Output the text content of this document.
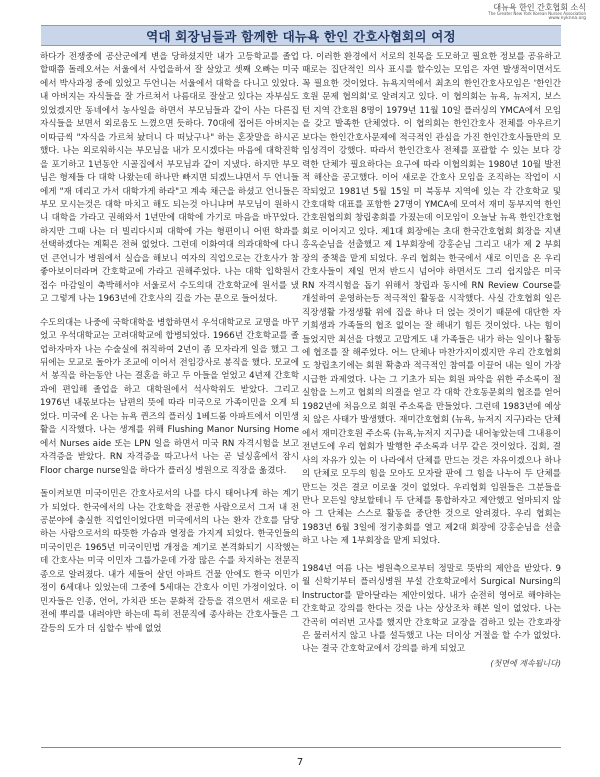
대뉴욕 한인 간호협회 소식
The Greater New York Korean Nurses Association
www.nyknna.org
역대 회장님들과 함께한 대뉴욕 한인 간호사협회의 여정

하다가 전쟁중에 공산군에게 변을 당하셨지만 내가 고등학교를 졸업할때쯤 돌레오셔는 서울에서 사업을하셔 잘 살았고 셋째 오빠는 미국에서 박사과정 중에 있었고 두언니는 서울에서 대학을 다니고 있었다. 내 아버지는 자식들을 잘 가르쳐서 나름대로 잘살고 있다는 자부심도 있었겠지만 동네에서 농사일을 하면서 부모님들과 같이 사는 다른집 자식들을 보면서 외로움도 느꼈으면 듯하다. 70대에 접어든 아버지는 이따금씩 "자식을 가르쳐 놨더니 다 떠났구나" 하는 혼잣말을 하시곤 했다. 나는 외로워하시는 부모님을 내가 모시겠다는 마음에 대학진학을 포기하고 1년동안 시골집에서 부모님과 같이 지냈다. 하지만 부모님은 형제들 다 대학 나왔는데 하나만 빠지면 되겠느냐면서 두 언니들에게 "재 데리고 가서 대학가게 하라"고 계속 채근을 하셨고 언니들은 부모 모시는것은 대학 마치고 해도 되는것 아니냐며 부모님이 원하시니 대학을 가라고 권해와서 1년만에 대학에 가기로 마음을 바꾸었다. 하지만 그때 나는 더 빌리다시피 대학에 가는 형편이니 어떤 학과를 선택하겠다는 계획은 전혀 없었다. 그런데 이화여대 의과대학에 다니던 큰언니가 병원에서 실습을 해보니 여자의 직업으로는 간호사가 참 좋아보이더라며 간호학교에 가라고 권해주었다. 나는 대학 입학원서 접수 마감일이 축박해서야 서울로서 수도의대 간호학교에 원서를 냈고 그렇게 나는 1963년에 간호사의 길을 가는 문으로 들어섰다.

수도의대는 나중에 국학대학을 병합하면서 우석대학교로 교명을 바꾸었고 우석대학교는 고려대학교에 합병되었다. 1966년 간호학교를 졸업하자마자 나는 수술실에 취직하여 2년이 좀 모자라게 일을 했고 그뒤에는 모교로 돌아가 조교에 이어서 전임강사로 봉직을 했다. 모교에서 봉직을 하는동안 나는 결혼을 하고 두 아들을 얻었고 4년제 간호학과에 편입해 졸업을 하고 대학원에서 석사학위도 받았다. 그리고 1976년 내몫보다는 남편의 뜻에 따라 미국으로 가족이민을 오게 되었다. 미국에 온 나는 뉴욕 퀸즈의 플러싱 1베드룸 아파트에서 이민생활을 시작했다. 나는 생계를 위해 Flushing Manor Nursing Home에서 Nurses aide 또는 LPN 일을 하면서 미국 RN 자격시험을 보고 자격증을 받았다. RN 자격증을 따고나서 나는 곧 널싱홈에서 잠시 Floor charge nurse일을 하다가 플러싱 병원으로 직장을 옮겼다.

돌이켜보면 미국이민은 간호사로서의 나를 다시 태어나게 하는 계기가 되었다. 한국에서의 나는 간호학을 전공한 사람으로서 그저 내 전공분야에 충실한 직업인이었다면 미국에서의 나는 환자 간호를 담당하는 사람으로서의 따뜻한 가슴과 열정을 가지게 되었다. 한국인들의 미국이민은 1965년 미국이민법 개정을 계기로 본격화되기 시작했는데 간호사는 미국 이민자 그룹가운데 가장 많은 수를 차지하는 전문직종으로 알려졌다. 내가 세들어 살던 아파트 건물 안에도 한국 이민가정이 6세대나 있었는데 그중에 5세대는 간호사 이민 가정이었다. 이민자들은 인종, 언어, 가치관 또는 문화적 갈등을 겪으면서 새로운 터전에 뿌리를 내려야만 하는데 특히 전문직에 종사하는 간호사들은 그 갈등의 도가 더 심할수 밖에 없었

다. 이러한 환경에서 서로의 친목을 도모하고 필요한 정보를 공유하고 때로는 집단적인 의사 표시를 할수있는 모임은 자연 발생적이면서도 꼭 필요한 것이었다. 뉴욕지역에서 최초의 한인간호사모임은 '한인간호원 문제 협의회'로 알려지고 있다. 이 협의회는 뉴욕, 뉴저지, 보스턴 지역 간호원 8명이 1979년 11월 10일 플러싱의 YMCA에서 모임을 갖고 발족한 단체였다. 이 협의회는 한인간호사 전체를 아우르기 보다는 한인간호사문제에 적극적인 관심을 가진 한인간호사들만의 모임성격이 강했다. 따라서 한인간호사 전체를 포괄할 수 있는 보다 강력한 단체가 필요하다는 요구에 따라 이협의회는 1980년 10월 발전적 해산을 공고했다. 이어 새로운 간호사 모임을 조직하는 작업이 시작되었고 1981년 5월 15일 미 북동부 지역에 있는 각 간호학교 및 간호대학 대표를 포함한 27명이 YMCA에 모여서 재미 동부지역 한인간호원협의회 창립총회를 가졌는데 이모임이 오늘날 뉴욕 한인간호협회로 이어지고 있다. 제1대 회장에는 초대 한국간호협회 회장을 지낸 홍옥순님을 선출했고 제 1부회장에 강홍순님 그리고 내가 제 2 부회장의 중책을 맡게 되었다. 우리 협회는 한국에서 새로 이민을 온 우리 간호사들이 제일 먼저 반드시 넘어야 하면서도 그리 쉽지않은 미국 RN 자격시험을 돕기 위해서 창립과 동시에 RN Review Course를 개설하여 운영하는등 적극적인 활동을 시작했다. 사실 간호협회 일은 직장생활 가정생활 위에 집을 하나 더 얹는 것이기 때문에 대단한 자기희생과 가족들의 협조 없이는 잘 해내기 힘든 것이었다. 나는 힘이 들었지만 최선을 다했고 고맙게도 내 가족들은 내가 하는 일이나 활동에 협조를 잘 해주었다. 어느 단체나 마찬가지이겠지만 우리 간호협회도 창립초기에는 회원 확충과 적극적인 참여를 이끌어 내는 일이 가장 시급한 과제였다. 나는 그 기초가 되는 회원 파악을 위한 주소록이 절실함을 느끼고 협회의 의결을 얻고 각 대학 간호동문회의 협조를 얻어 1982년에 처음으로 회원 주소록을 만들었다. 그런데 1983년에 예상치 않은 사태가 발생했다. 재미간호협회 (뉴욕, 뉴저지 지구)라는 단체에서 재미간호원 주소록 (뉴욕,뉴저지 지구)을 내어놓았는데 그내용이 전년도에 우리 협회가 발행한 주소록과 너무 같은 것이었다. 집회, 결사의 자유가 있는 이 나라에서 단체를 만드는 것은 자유이겠으나 하나의 단체로 모두의 힘을 모아도 모자랄 판에 그 힘을 나누어 두 단체를 만드는 것은 결코 이로울 것이 없었다. 우리협회 임원들은 그분들을 만나 모든일 양보할테니 두 단체를 통합하자고 제안했고 얼마되지 않아 그 단체는 스스로 활동을 중단한 것으로 알려졌다. 우리 협회는 1983년 6월 3일에 정기총회를 열고 제2대 회장에 강홍순님을 선출하고 나는 제 1부회장을 맡게 되었다.

1984년 여름 나는 병원측으로부터 정말로 뜻밖의 제안을 받았다. 9월 신학기부터 플러싱병원 부설 간호학교에서 Surgical Nursing의 Instructor를 맡아달라는 제안이었다. 내가 순전히 영어로 해야하는 간호학교 강의를 한다는 것을 나는 상상조차 해본 일이 없었다. 나는 간곡히 여러번 고사를 했지만 간호학교 교장을 겸하고 있는 간호과장은 물러서지 않고 나를 설득했고 나는 더이상 거절을 할 수가 없었다. 나는 결국 간호학교에서 강의를 하게 되었고
(첫면에 계속됩니다)

7
